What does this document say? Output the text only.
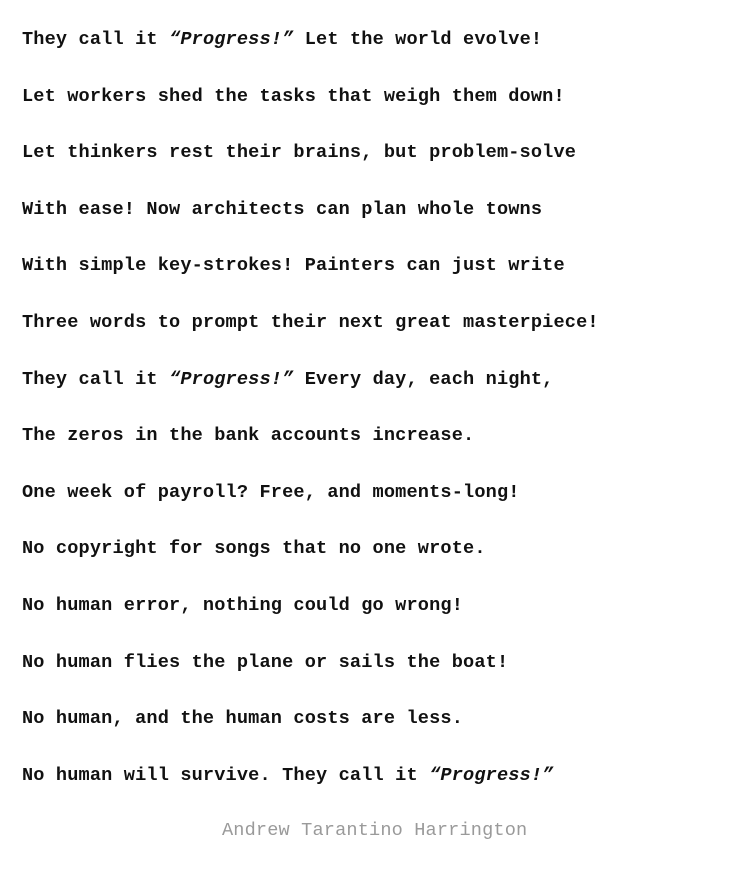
They call it “Progress!” Let the world evolve!
Let workers shed the tasks that weigh them down!
Let thinkers rest their brains, but problem-solve
With ease! Now architects can plan whole towns
With simple key-strokes! Painters can just write
Three words to prompt their next great masterpiece!
They call it “Progress!” Every day, each night,
The zeros in the bank accounts increase.
One week of payroll? Free, and moments-long!
No copyright for songs that no one wrote.
No human error, nothing could go wrong!
No human flies the plane or sails the boat!
No human, and the human costs are less.
No human will survive. They call it “Progress!”
Andrew Tarantino Harrington
